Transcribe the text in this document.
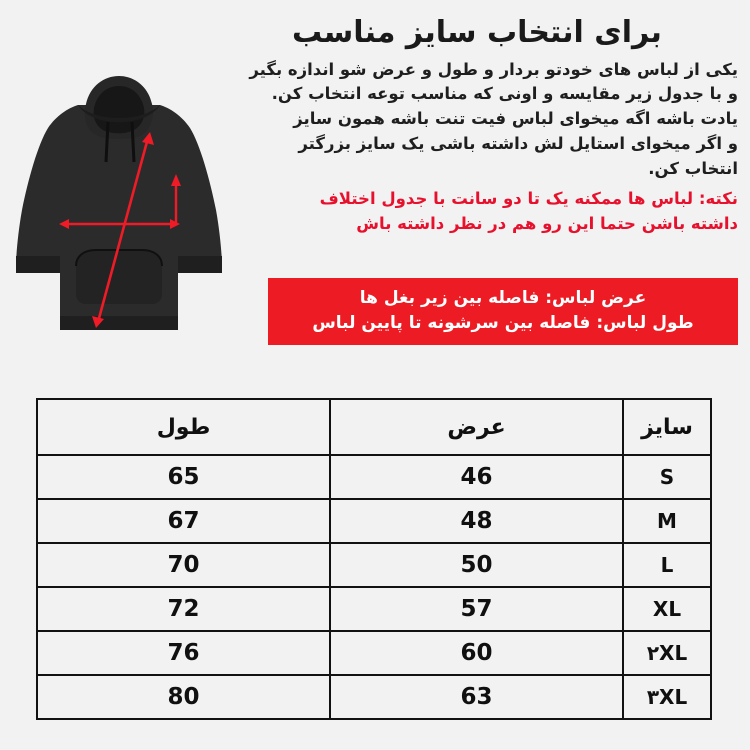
برای انتخاب سایز مناسب
یکی از لباس های خودتو بردار و طول و عرض شو اندازه بگیر
و با جدول زیر مقایسه و اونی که مناسب توعه انتخاب کن.
یادت باشه اگه میخوای لباس فیت تنت باشه همون سایز
و اگر میخوای استایل لش داشته باشی یک سایز بزرگتر
انتخاب کن.
نکته: لباس ها ممکنه یک تا دو سانت با جدول اختلاف
داشته باشن حتما این رو هم در نظر داشته باش
عرض لباس: فاصله بین زیر بغل ها
طول لباس: فاصله بین سرشونه تا پایین لباس
سایز	عرض	طول
S	46	65
M	48	67
L	50	70
XL	57	72
۲XL	60	76
۳XL	63	80
